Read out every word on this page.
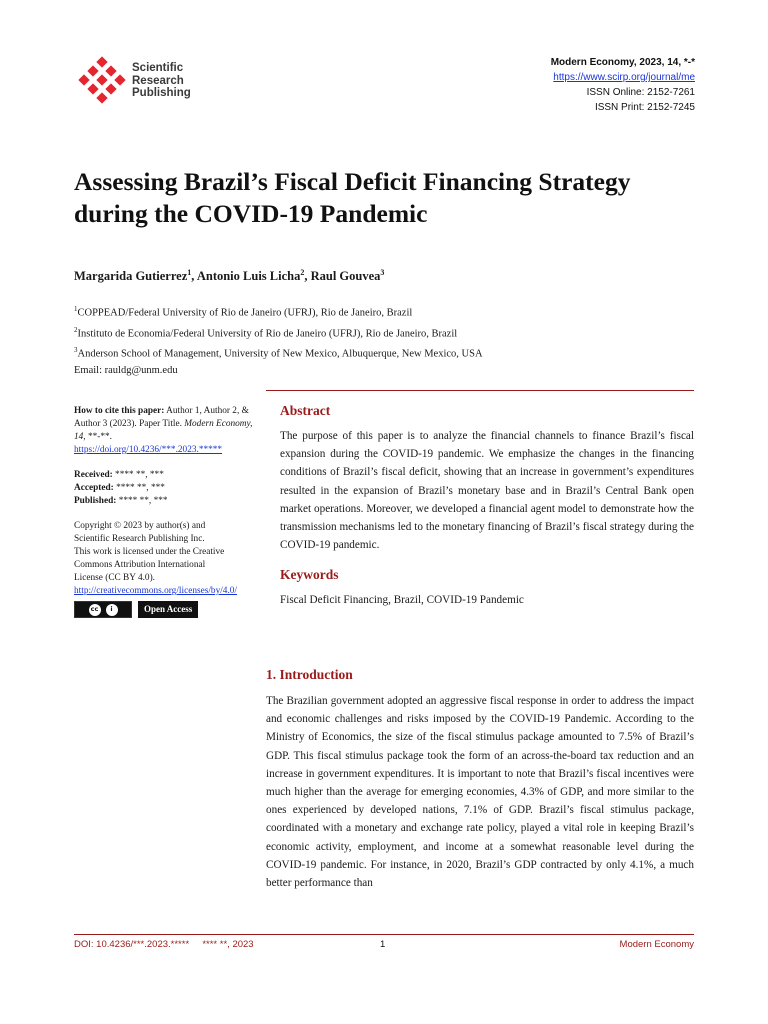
Scientific
Research
Publishing
Modern Economy, 2023, 14, *-*
https://www.scirp.org/journal/me
ISSN Online: 2152-7261
ISSN Print: 2152-7245
Assessing Brazil’s Fiscal Deficit Financing Strategy during the COVID-19 Pandemic
Margarida Gutierrez$^1$, Antonio Luis Licha$^2$, Raul Gouvea$^3$
$^1$COPPEAD/Federal University of Rio de Janeiro (UFRJ), Rio de Janeiro, Brazil
$^2$Instituto de Economia/Federal University of Rio de Janeiro (UFRJ), Rio de Janeiro, Brazil
$^3$Anderson School of Management, University of New Mexico, Albuquerque, New Mexico, USA
Email: rauldg@unm.edu
How to cite this paper: Author 1, Author 2, & Author 3 (2023). Paper Title. Modern Economy, 14, **-**.
https://doi.org/10.4236/***.2023.*****
Received: **** **, ***
Accepted: **** **, ***
Published: **** **, ***
Copyright © 2023 by author(s) and
Scientific Research Publishing Inc.
This work is licensed under the Creative
Commons Attribution International
License (CC BY 4.0).
http://creativecommons.org/licenses/by/4.0/
cc	i	Open Access
Abstract

The purpose of this paper is to analyze the financial channels to finance Brazil’s fiscal expansion during the COVID-19 pandemic. We emphasize the changes in the financing conditions of Brazil’s fiscal deficit, showing that an increase in government’s expenditures resulted in the expansion of Brazil’s monetary base and in Brazil’s Central Bank open market operations. Moreover, we developed a financial agent model to demonstrate how the transmission mechanisms led to the monetary financing of Brazil’s fiscal strategy during the COVID-19 pandemic.

Keywords
Fiscal Deficit Financing, Brazil, COVID-19 Pandemic
1. Introduction

The Brazilian government adopted an aggressive fiscal response in order to address the impact and economic challenges and risks imposed by the COVID-19 Pandemic. According to the Ministry of Economics, the size of the fiscal stimulus package amounted to 7.5% of Brazil’s GDP. This fiscal stimulus package took the form of an across-the-board tax reduction and an increase in government expenditures. It is important to note that Brazil’s fiscal incentives were much higher than the average for emerging economies, 4.3% of GDP, and more similar to the ones experienced by developed nations, 7.1% of GDP. Brazil’s fiscal stimulus package, coordinated with a monetary and exchange rate policy, played a vital role in keeping Brazil’s economic activity, employment, and income at a somewhat reasonable level during the COVID-19 pandemic. For instance, in 2020, Brazil’s GDP contracted by only 4.1%, a much better performance than

DOI: 10.4236/***.2023.***** **** **, 2023	1	Modern Economy
